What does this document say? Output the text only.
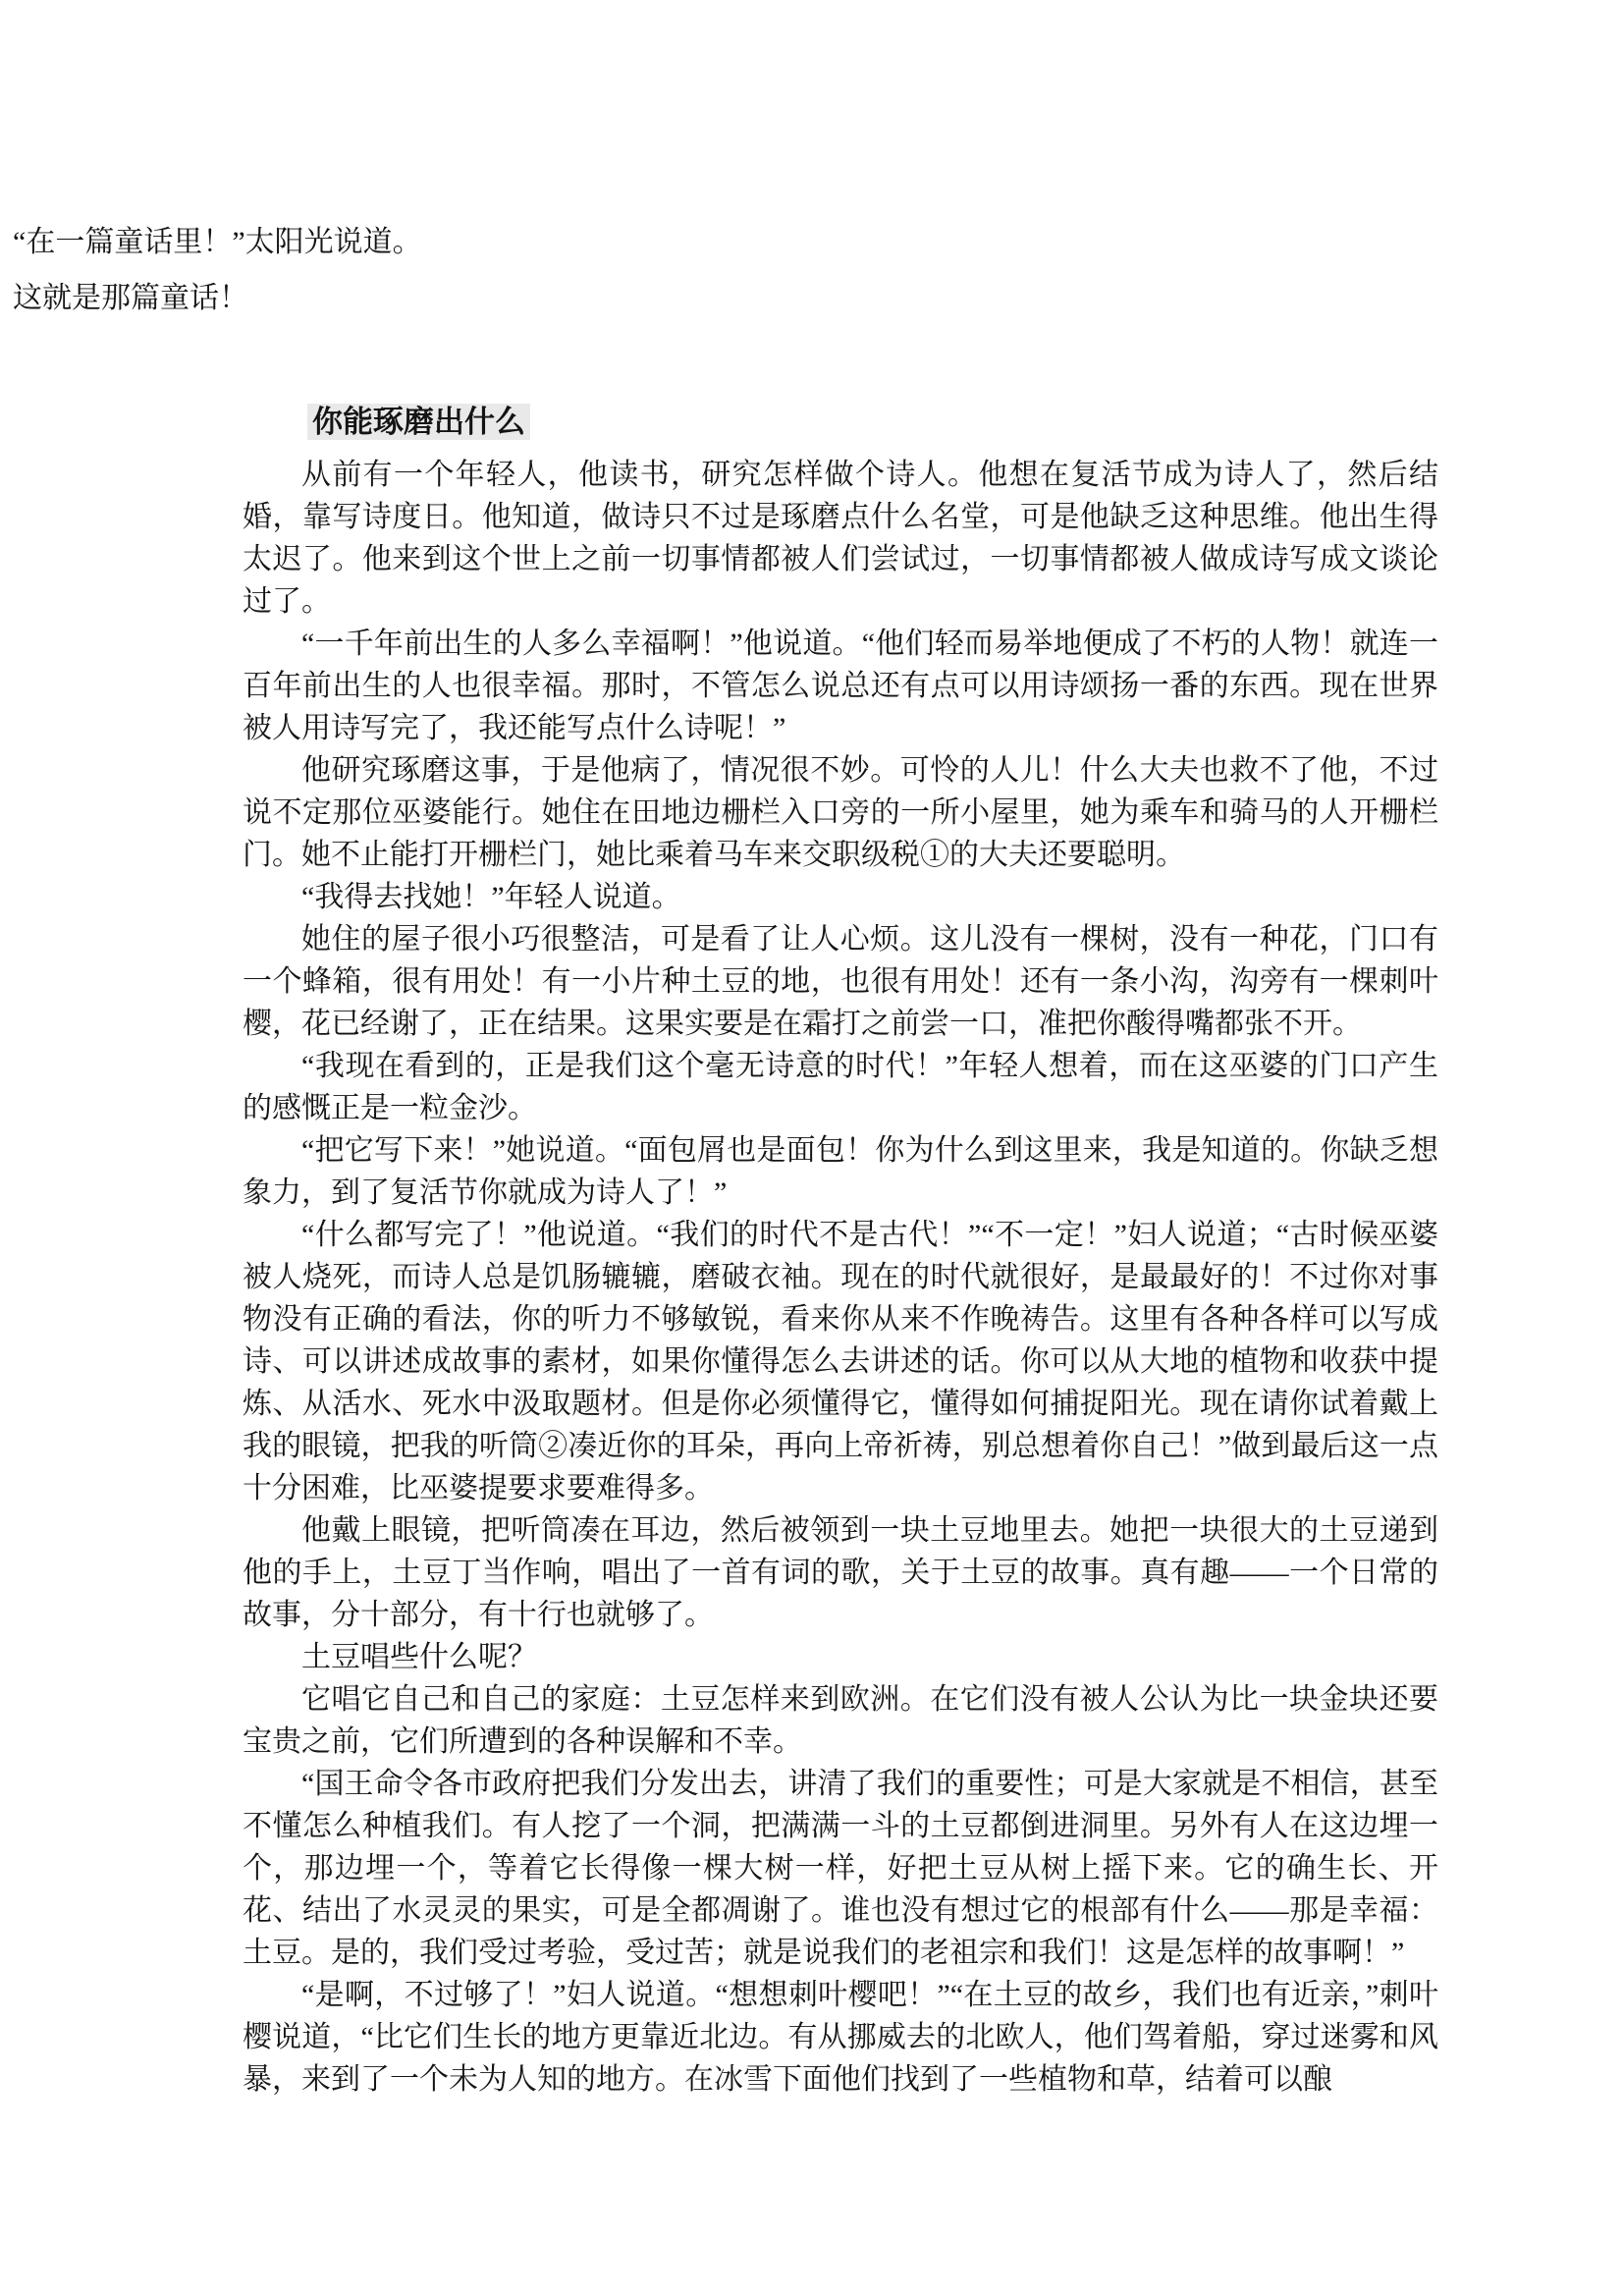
“在一篇童话里！”太阳光说道。

这就是那篇童话！

你能琢磨出什么

从前有一个年轻人，他读书，研究怎样做个诗人。他想在复活节成为诗人了，然后结婚，靠写诗度日。他知道，做诗只不过是琢磨点什么名堂，可是他缺乏这种思维。他出生得太迟了。他来到这个世上之前一切事情都被人们尝试过，一切事情都被人做成诗写成文谈论过了。

“一千年前出生的人多么幸福啊！”他说道。“他们轻而易举地便成了不朽的人物！就连一百年前出生的人也很幸福。那时，不管怎么说总还有点可以用诗颂扬一番的东西。现在世界被人用诗写完了，我还能写点什么诗呢！”

他研究琢磨这事，于是他病了，情况很不妙。可怜的人儿！什么大夫也救不了他，不过说不定那位巫婆能行。她住在田地边栅栏入口旁的一所小屋里，她为乘车和骑马的人开栅栏门。她不止能打开栅栏门，她比乘着马车来交职级税①的大夫还要聪明。

“我得去找她！”年轻人说道。

她住的屋子很小巧很整洁，可是看了让人心烦。这儿没有一棵树，没有一种花，门口有一个蜂箱，很有用处！有一小片种土豆的地，也很有用处！还有一条小沟，沟旁有一棵刺叶樱，花已经谢了，正在结果。这果实要是在霜打之前尝一口，准把你酸得嘴都张不开。

“我现在看到的，正是我们这个毫无诗意的时代！”年轻人想着，而在这巫婆的门口产生的感慨正是一粒金沙。

“把它写下来！”她说道。“面包屑也是面包！你为什么到这里来，我是知道的。你缺乏想象力，到了复活节你就成为诗人了！”

“什么都写完了！”他说道。“我们的时代不是古代！”“不一定！”妇人说道；“古时候巫婆被人烧死，而诗人总是饥肠辘辘，磨破衣袖。现在的时代就很好，是最最好的！不过你对事物没有正确的看法，你的听力不够敏锐，看来你从来不作晚祷告。这里有各种各样可以写成诗、可以讲述成故事的素材，如果你懂得怎么去讲述的话。你可以从大地的植物和收获中提炼、从活水、死水中汲取题材。但是你必须懂得它，懂得如何捕捉阳光。现在请你试着戴上我的眼镜，把我的听筒②凑近你的耳朵，再向上帝祈祷，别总想着你自己！”做到最后这一点十分困难，比巫婆提要求要难得多。

他戴上眼镜，把听筒凑在耳边，然后被领到一块土豆地里去。她把一块很大的土豆递到他的手上，土豆丁当作响，唱出了一首有词的歌，关于土豆的故事。真有趣——一个日常的故事，分十部分，有十行也就够了。

土豆唱些什么呢？

它唱它自己和自己的家庭：土豆怎样来到欧洲。在它们没有被人公认为比一块金块还要宝贵之前，它们所遭到的各种误解和不幸。

“国王命令各市政府把我们分发出去，讲清了我们的重要性；可是大家就是不相信，甚至不懂怎么种植我们。有人挖了一个洞，把满满一斗的土豆都倒进洞里。另外有人在这边埋一个，那边埋一个，等着它长得像一棵大树一样，好把土豆从树上摇下来。它的确生长、开花、结出了水灵灵的果实，可是全都凋谢了。谁也没有想过它的根部有什么——那是幸福：土豆。是的，我们受过考验，受过苦；就是说我们的老祖宗和我们！这是怎样的故事啊！”

“是啊，不过够了！”妇人说道。“想想刺叶樱吧！”“在土豆的故乡，我们也有近亲，”刺叶樱说道，“比它们生长的地方更靠近北边。有从挪威去的北欧人，他们驾着船，穿过迷雾和风暴，来到了一个未为人知的地方。在冰雪下面他们找到了一些植物和草，结着可以酿
